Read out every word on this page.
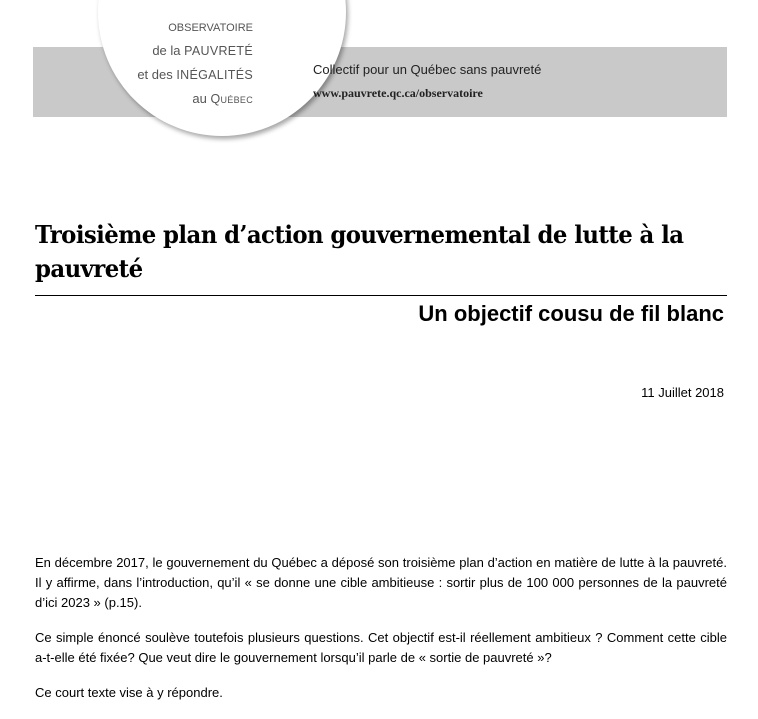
observatoire
de la PAUVRETÉ
et des INÉGALITÉS
au Québec
Collectif pour un Québec sans pauvreté
www.pauvrete.qc.ca/observatoire
Troisième plan d’action gouvernemental de lutte à la pauvreté
Un objectif cousu de fil blanc
11 Juillet 2018

En décembre 2017, le gouvernement du Québec a déposé son troisième plan d’action en matière de lutte à la pauvreté. Il y affirme, dans l’introduction, qu’il « se donne une cible ambitieuse : sortir plus de 100 000 personnes de la pauvreté d’ici 2023 » (p.15).

Ce simple énoncé soulève toutefois plusieurs questions. Cet objectif est-il réellement ambitieux ? Comment cette cible a-t-elle été fixée? Que veut dire le gouvernement lorsqu’il parle de « sortie de pauvreté »?

Ce court texte vise à y répondre.
